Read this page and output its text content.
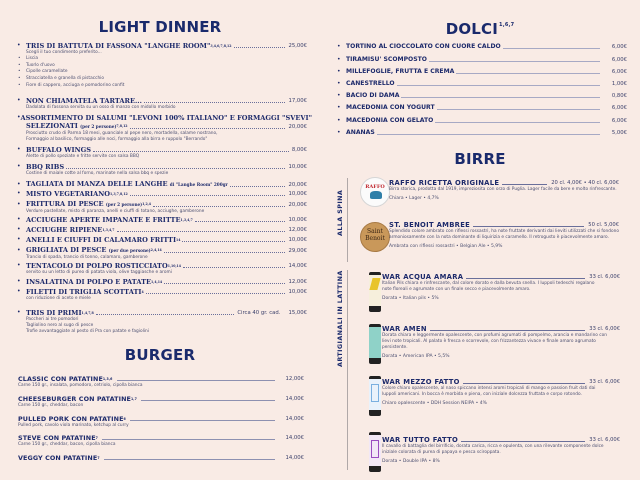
LIGHT DINNER
• TRIS DI BATTUTA DI FASSONA "LANGHE ROOM"$^{3,4,6,7,8,12}$	25,00€
Scegli il tuo condimento preferito...
•	Liscia
•	Tuorlo d'uovo
•	Cipolle caramellate
•	Stracciatella e granella di pistacchio
•	Fiore di cappero, acciuga e pomodorino confit
• NON CHIAMATELA TARTARE...	17,00€
Dadolata di fassona servita su un osso di manzo con midollo morbido
• ASSORTIMENTO DI SALUMI "LEVONI 100% ITALIANO" E FORMAGGI "SVEVI"
SELEZIONATI (per 2 persone)$^{7,8,12}$	20,00€
Prosciutto crudo di Parma 18 mesi, guanciale al pepe nero, mortadella, salame nostrano,
Formaggio al basilico, formaggio alle noci, formaggio alla birra e ruppolo "Berrando"
• BUFFALO WINGS	8,00€
Alette di pollo speziate e fritte servite con salsa BBQ
• BBQ RIBS	10,00€
Costine di maiale cotte al forno, marinate nella salsa bbq e spezie
• TAGLIATA DI MANZA DELLE LANGHE di "Langhe Room" 200gr	20,00€
• MISTO VEGETARIANO$^{1,3,7,8,12}$	10,00€
• FRITTURA DI PESCE (per 2 persone)$^{1,2,4}$	20,00€
Verdure pastellate, misto di paranza, anelli e ciuffi di totano, acciughe, gamberone
• ACCIUGHE APERTE IMPANATE E FRITTE$^{1,3,4,7}$	10,00€
• ACCIUGHE RIPIENE$^{1,3,4,7}$	12,00€
• ANELLI E CIUFFI DI CALAMARO FRITTI$^{14}$	10,00€
• GRIGLIATA DI PESCE (per due persone)$^{2,4,14}$	29,00€
Trancio di spada, trancio di tonno, calamaro, gamberone
• TENTACOLO DI POLPO ROSTICCIATO$^{1,10,14}$	14,00€
servito su un letto di pureo di patata viola, olive taggiasche e aromi
• INSALATINA DI POLPO E PATATE$^{1,4,14}$	12,00€
• FILETTI DI TRIGLIA SCOTTATI$^4$	10,00€
con riduzione di aceto e miele
• TRIS DI PRIMI$^{1,4,7,8}$	Circa 40 gr. cad. 15,00€
Paccheri ai tre pomodori
Tagliolino nero al sugo di pesce
Trofie avvantaggiate al pesto di Pra con patate e fagiolini
BURGER
CLASSIC CON PATATINE$^{1,3,6}$	12,00€
Carne 150 gr., insalata, pomodoro, cetriolo, cipolla bianca
CHEESEBURGER CON PATATINE$^{1,7}$	14,00€
Carne 150 gr., cheddar, bacon
PULLED PORK CON PATATINE$^6$	14,00€
Pulled pork, cavolo viola marinato, ketchup al curry
STEVE CON PATATINE$^7$	14,00€
Carne 150 gr., cheddar, bacon, cipolla bianca
VEGGY CON PATATINE$^7$	14,00€
DOLCI$^{1,6,7}$
• TORTINO AL CIOCCOLATO CON CUORE CALDO	6,00€
• TIRAMISU' SCOMPOSTO	6,00€
• MILLEFOGLIE, FRUTTA E CREMA	6,00€
• CANESTRELLO	1,00€
• BACIO DI DAMA	0,80€
• MACEDONIA CON YOGURT	6,00€
• MACEDONIA CON GELATO	6,00€
• ANANAS	5,00€
BIRRE
ALLA SPINA
ARTIGIANALI IN LATTINA
RAFFO RAFFO RICETTA ORIGINALE	20 cl. 4,00€ • 40 cl. 6,00€
Birra storica, prodotta dal 1919, impreziosita con orzo di Puglia. Lager facile da bere e molto rinfrescante.
Chiara • Lager • 4,7%
Saint
Benoit
ST. BENOIT AMBREE	50 cl. 5,00€
Splendido colore ambrato con riflessi rossastri, ha note fruttate derivanti dai lieviti utilizzati che si fondono armoniosamente con la nota dominante di liquirizia e caramello. Il retrogusto è piacevolmente amaro.
Ambrata con riflessi rossastri • Belgian Ale • 5,9%
WAR ACQUA AMARA	33 cl. 6,00€
Italian Pils chiara e rinfrescante, dal colore dorato e dalla bevuta snella. I luppoli tedeschi regalano note floreali e agrumate con un finale secco e piacevolmente amaro.
Dorata • Italian pils • 5%
WAR AMEN	33 cl. 6,00€
Dorata chiara e leggermente opalescente, con profumi agrumati di pompelmo, arancia e mandarino con lievi note tropicali. Al palato è fresca e scorrevole, con frizzantezza vivace e finale amaro agrumato persistente.
Dorata • American IPA • 5,5%
WAR MEZZO FATTO	33 cl. 6,00€
Colore chiaro opalescente, al naso spiccano intensi aromi tropicali di mango e passion fruit dati dai luppoli americani. In bocca è morbida e piena, con iniziale dolcezza fruttata e corpo rotondo.
Chiaro opalescente • DDH Session NEIPA • 4%
WAR TUTTO FATTO	33 cl. 6,00€
Il cavallo di battaglia del birrificio, dorata carica, ricca e opulenta, con una rilevante componente dolce iniziale colorata di purea di papaya e pesca sciroppata.
Dorata • Double IPA • 8%
